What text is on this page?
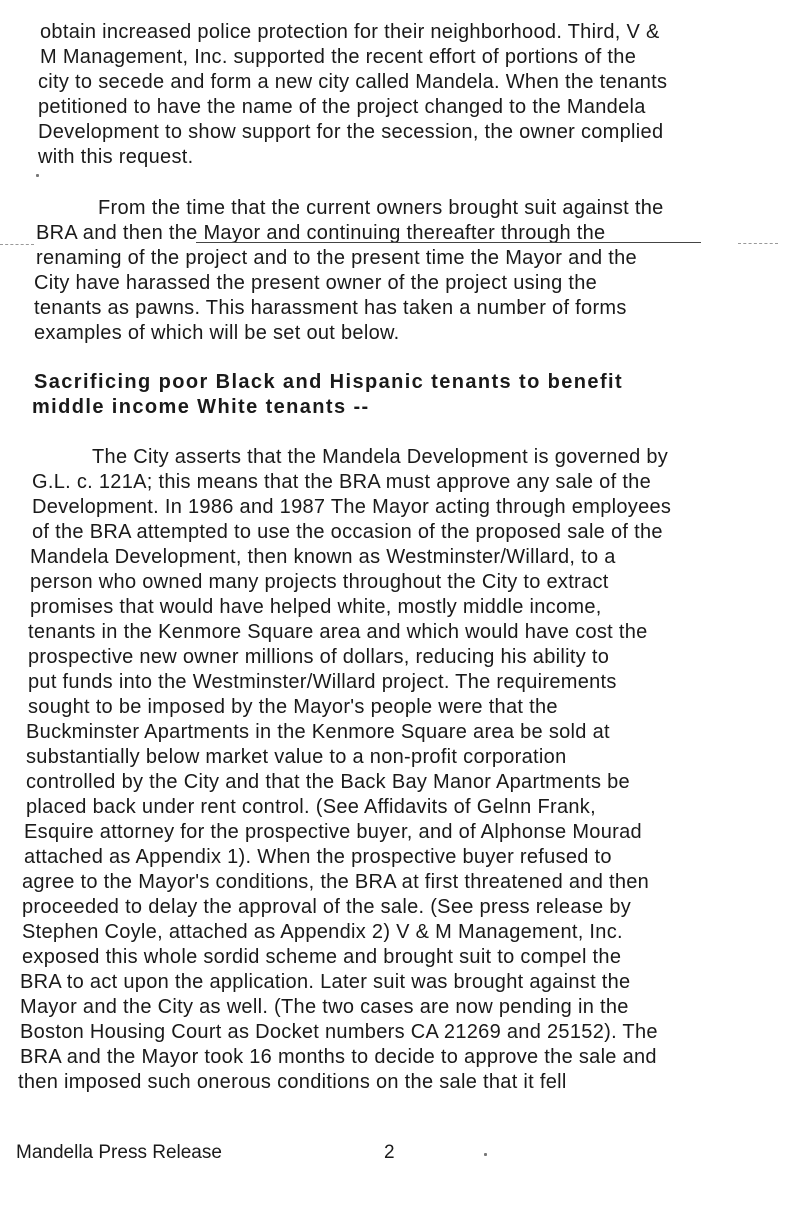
obtain increased police protection for their neighborhood. Third, V &
M Management, Inc. supported the recent effort of portions of the
city to secede and form a new city called Mandela. When the tenants
petitioned to have the name of the project changed to the Mandela
Development to show support for the secession, the owner complied
with this request.
From the time that the current owners brought suit against the
BRA and then the Mayor and continuing thereafter through the
renaming of the project and to the present time the Mayor and the
City have harassed the present owner of the project using the
tenants as pawns. This harassment has taken a number of forms
examples of which will be set out below.
Sacrificing poor Black and Hispanic tenants to benefit
middle income White tenants --
The City asserts that the Mandela Development is governed by
G.L. c. 121A; this means that the BRA must approve any sale of the
Development. In 1986 and 1987 The Mayor acting through employees
of the BRA attempted to use the occasion of the proposed sale of the
Mandela Development, then known as Westminster/Willard, to a
person who owned many projects throughout the City to extract
promises that would have helped white, mostly middle income,
tenants in the Kenmore Square area and which would have cost the
prospective new owner millions of dollars, reducing his ability to
put funds into the Westminster/Willard project. The requirements
sought to be imposed by the Mayor's people were that the
Buckminster Apartments in the Kenmore Square area be sold at
substantially below market value to a non-profit corporation
controlled by the City and that the Back Bay Manor Apartments be
placed back under rent control. (See Affidavits of Gelnn Frank,
Esquire attorney for the prospective buyer, and of Alphonse Mourad
attached as Appendix 1). When the prospective buyer refused to
agree to the Mayor's conditions, the BRA at first threatened and then
proceeded to delay the approval of the sale. (See press release by
Stephen Coyle, attached as Appendix 2) V & M Management, Inc.
exposed this whole sordid scheme and brought suit to compel the
BRA to act upon the application. Later suit was brought against the
Mayor and the City as well. (The two cases are now pending in the
Boston Housing Court as Docket numbers CA 21269 and 25152). The
BRA and the Mayor took 16 months to decide to approve the sale and
then imposed such onerous conditions on the sale that it fell
Mandella Press Release	2
